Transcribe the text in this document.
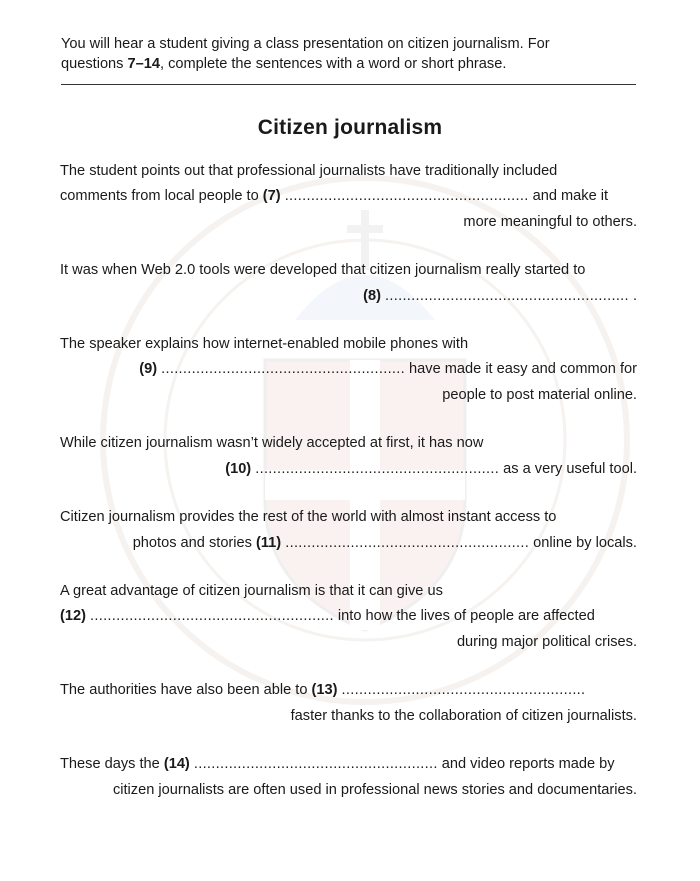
You will hear a student giving a class presentation on citizen journalism. For
questions 7–14, complete the sentences with a word or short phrase.
Citizen journalism
The student points out that professional journalists have traditionally included
comments from local people to (7) ........................................................ and make it
more meaningful to others.
It was when Web 2.0 tools were developed that citizen journalism really started to
(8) ........................................................ .
The speaker explains how internet-enabled mobile phones with
(9) ........................................................ have made it easy and common for
people to post material online.
While citizen journalism wasn’t widely accepted at first, it has now
(10) ........................................................ as a very useful tool.
Citizen journalism provides the rest of the world with almost instant access to
photos and stories (11) ........................................................ online by locals.
A great advantage of citizen journalism is that it can give us
(12) ........................................................ into how the lives of people are affected
during major political crises.
The authorities have also been able to (13) ........................................................
faster thanks to the collaboration of citizen journalists.
These days the (14) ........................................................ and video reports made by
citizen journalists are often used in professional news stories and documentaries.
